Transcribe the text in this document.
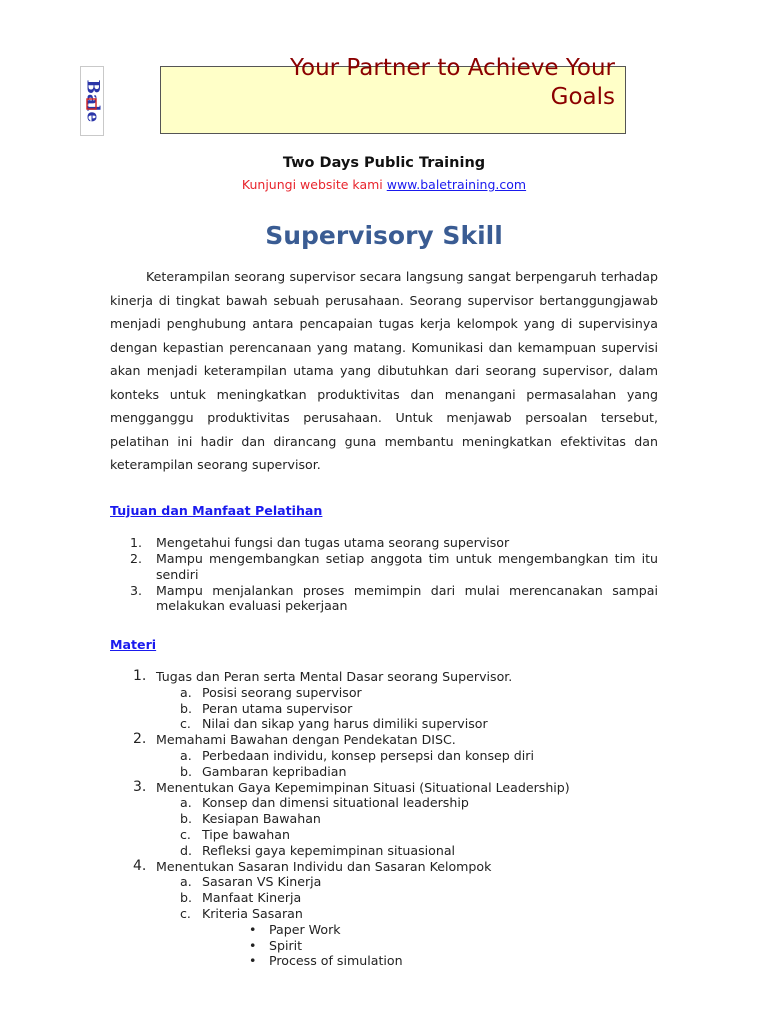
Bale
Your Partner to Achieve Your
Goals
Two Days Public Training
Kunjungi website kami www.baletraining.com
Supervisory Skill

Keterampilan seorang supervisor secara langsung sangat berpengaruh terhadap kinerja di tingkat bawah sebuah perusahaan. Seorang supervisor bertanggungjawab menjadi penghubung antara pencapaian tugas kerja kelompok yang di supervisinya dengan kepastian perencanaan yang matang. Komunikasi dan kemampuan supervisi akan menjadi keterampilan utama yang dibutuhkan dari seorang supervisor, dalam konteks untuk meningkatkan produktivitas dan menangani permasalahan yang mengganggu produktivitas perusahaan. Untuk menjawab persoalan tersebut, pelatihan ini hadir dan dirancang guna membantu meningkatkan efektivitas dan keterampilan seorang supervisor.

Tujuan dan Manfaat Pelatihan
1. Mengetahui fungsi dan tugas utama seorang supervisor
2. Mampu mengembangkan setiap anggota tim untuk mengembangkan tim itu sendiri
3. Mampu menjalankan proses memimpin dari mulai merencanakan sampai melakukan evaluasi pekerjaan
Materi
1. Tugas dan Peran serta Mental Dasar seorang Supervisor.
a. Posisi seorang supervisor
b. Peran utama supervisor
c. Nilai dan sikap yang harus dimiliki supervisor
2. Memahami Bawahan dengan Pendekatan DISC.
a. Perbedaan individu, konsep persepsi dan konsep diri
b. Gambaran kepribadian
3. Menentukan Gaya Kepemimpinan Situasi (Situational Leadership)
a. Konsep dan dimensi situational leadership
b. Kesiapan Bawahan
c. Tipe bawahan
d. Refleksi gaya kepemimpinan situasional
4. Menentukan Sasaran Individu dan Sasaran Kelompok
a. Sasaran VS Kinerja
b. Manfaat Kinerja
c. Kriteria Sasaran
• Paper Work
• Spirit
• Process of simulation
